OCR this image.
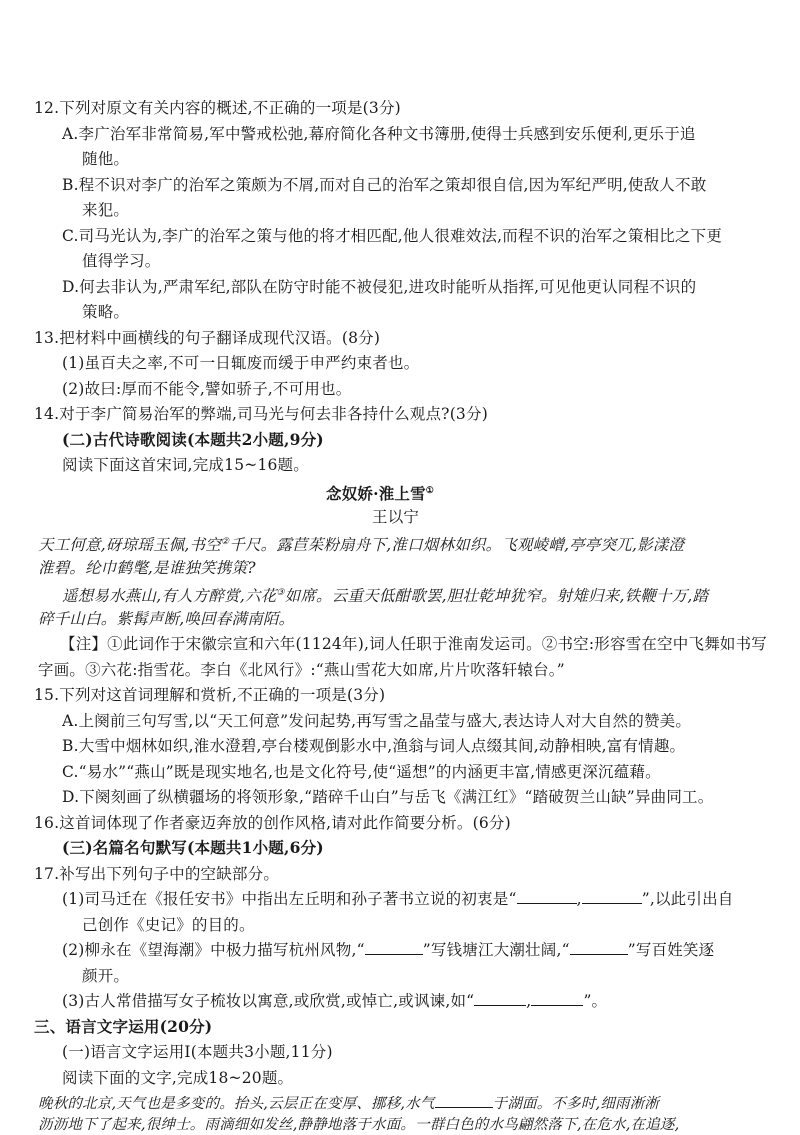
12.下列对原文有关内容的概述,不正确的一项是(3分)
A.李广治军非常简易,军中警戒松弛,幕府简化各种文书簿册,使得士兵感到安乐便利,更乐于追
随他。
B.程不识对李广的治军之策颇为不屑,而对自己的治军之策却很自信,因为军纪严明,使敌人不敢
来犯。
C.司马光认为,李广的治军之策与他的将才相匹配,他人很难效法,而程不识的治军之策相比之下更
值得学习。
D.何去非认为,严肃军纪,部队在防守时能不被侵犯,进攻时能听从指挥,可见他更认同程不识的
策略。
13.把材料中画横线的句子翻译成现代汉语。(8分)
(1)虽百夫之率,不可一日辄废而缓于申严约束者也。
(2)故曰:厚而不能令,譬如骄子,不可用也。
14.对于李广简易治军的弊端,司马光与何去非各持什么观点?(3分)
(二)古代诗歌阅读(本题共2小题,9分)
阅读下面这首宋词,完成15~16题。
念奴娇·淮上雪①
王以宁
天工何意,砑琼瑶玉佩,书空②千尺。露苣茱粉扇舟下,淮口烟林如织。飞观崚嶒,亭亭突兀,影漾澄
淮碧。纶巾鹤氅,是谁独笑携策?
遥想易水燕山,有人方醉赏,六花③如席。云重天低酣歌罢,胆壮乾坤犹窄。射雉归来,铁鞭十万,踏
碎千山白。紫髯声断,唤回春满南陌。
【注】①此词作于宋徽宗宣和六年(1124年),词人任职于淮南发运司。②书空:形容雪在空中飞舞如书写
字画。③六花:指雪花。李白《北风行》:“燕山雪花大如席,片片吹落轩辕台。”
15.下列对这首词理解和赏析,不正确的一项是(3分)
A.上阕前三句写雪,以“天工何意”发问起势,再写雪之晶莹与盛大,表达诗人对大自然的赞美。
B.大雪中烟林如织,淮水澄碧,亭台楼观倒影水中,渔翁与词人点缀其间,动静相映,富有情趣。
C.“易水”“燕山”既是现实地名,也是文化符号,使“遥想”的内涵更丰富,情感更深沉蕴藉。
D.下阕刻画了纵横疆场的将领形象,“踏碎千山白”与岳飞《满江红》“踏破贺兰山缺”异曲同工。
16.这首词体现了作者豪迈奔放的创作风格,请对此作简要分析。(6分)
(三)名篇名句默写(本题共1小题,6分)
17.补写出下列句子中的空缺部分。
(1)司马迁在《报任安书》中指出左丘明和孙子著书立说的初衷是“	,	”,以此引出自
己创作《史记》的目的。
(2)柳永在《望海潮》中极力描写杭州风物,“	”写钱塘江大潮壮阔,“	”写百姓笑逐
颜开。
(3)古人常借描写女子梳妆以寓意,或欣赏,或悼亡,或讽谏,如“	,	”。
三、语言文字运用(20分)
(一)语言文字运用Ⅰ(本题共3小题,11分)
阅读下面的文字,完成18~20题。
晚秋的北京,天气也是多变的。抬头,云层正在变厚、挪移,水气	于湖面。不多时,细雨淅淅
沥沥地下了起来,很绅士。雨滴细如发丝,静静地落于水面。一群白色的水鸟翩然落下,在危水,在追逐,
